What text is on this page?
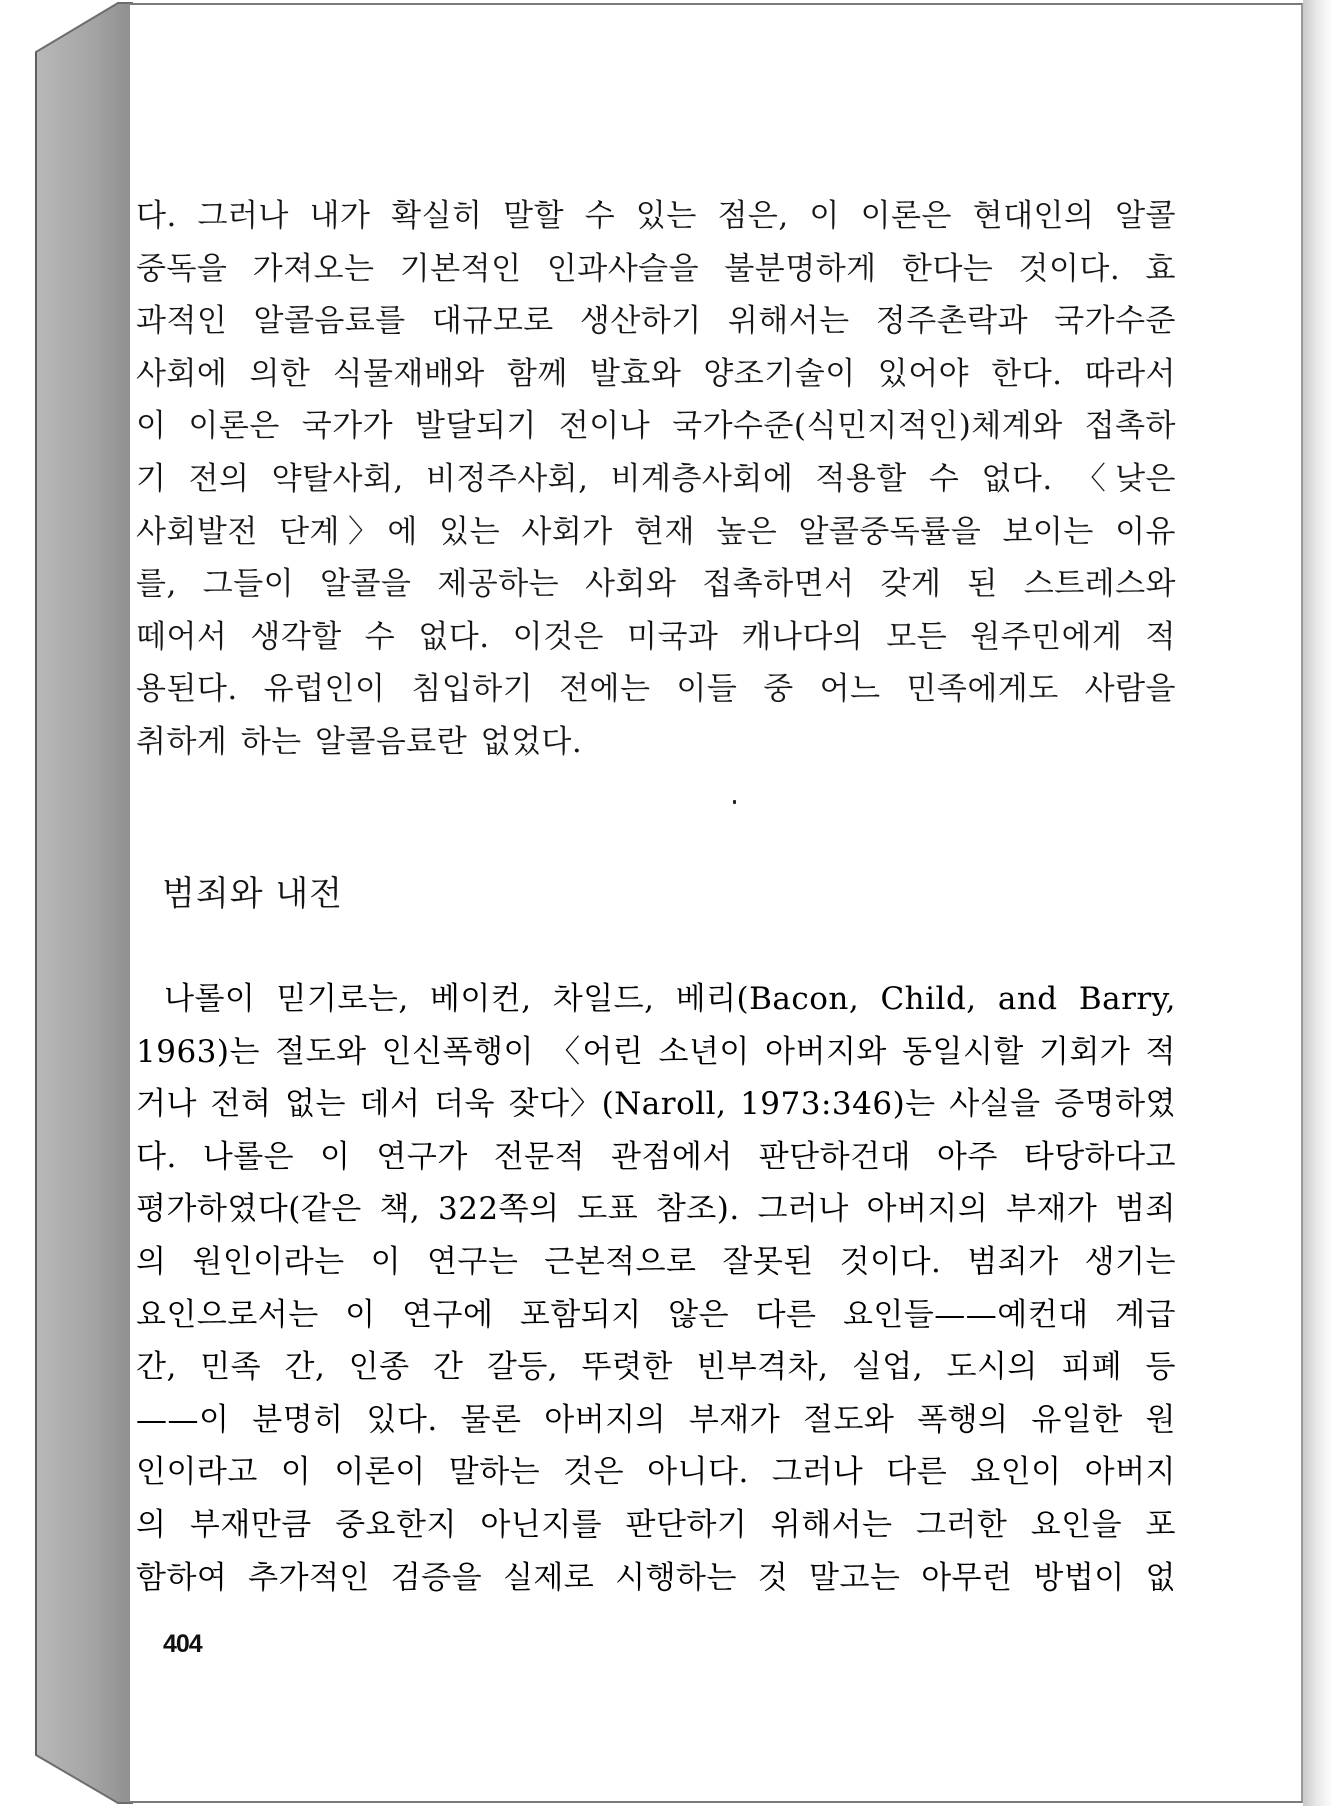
다. 그러나 내가 확실히 말할 수 있는 점은, 이 이론은 현대인의 알콜
중독을 가져오는 기본적인 인과사슬을 불분명하게 한다는 것이다. 효
과적인 알콜음료를 대규모로 생산하기 위해서는 정주촌락과 국가수준
사회에 의한 식물재배와 함께 발효와 양조기술이 있어야 한다. 따라서
이 이론은 국가가 발달되기 전이나 국가수준(식민지적인)체계와 접촉하
기 전의 약탈사회, 비정주사회, 비계층사회에 적용할 수 없다. 〈낮은
사회발전 단계〉에 있는 사회가 현재 높은 알콜중독률을 보이는 이유
를, 그들이 알콜을 제공하는 사회와 접촉하면서 갖게 된 스트레스와
떼어서 생각할 수 없다. 이것은 미국과 캐나다의 모든 원주민에게 적
용된다. 유럽인이 침입하기 전에는 이들 중 어느 민족에게도 사람을
취하게 하는 알콜음료란 없었다.

범죄와 내전

나롤이 믿기로는, 베이컨, 차일드, 베리(Bacon, Child, and Barry,
1963)는 절도와 인신폭행이 〈어린 소년이 아버지와 동일시할 기회가 적
거나 전혀 없는 데서 더욱 잦다〉(Naroll, 1973:346)는 사실을 증명하였
다. 나롤은 이 연구가 전문적 관점에서 판단하건대 아주 타당하다고
평가하였다(같은 책, 322쪽의 도표 참조). 그러나 아버지의 부재가 범죄
의 원인이라는 이 연구는 근본적으로 잘못된 것이다. 범죄가 생기는
요인으로서는 이 연구에 포함되지 않은 다른 요인들——예컨대 계급
간, 민족 간, 인종 간 갈등, 뚜렷한 빈부격차, 실업, 도시의 피폐 등
——이 분명히 있다. 물론 아버지의 부재가 절도와 폭행의 유일한 원
인이라고 이 이론이 말하는 것은 아니다. 그러나 다른 요인이 아버지
의 부재만큼 중요한지 아닌지를 판단하기 위해서는 그러한 요인을 포
함하여 추가적인 검증을 실제로 시행하는 것 말고는 아무런 방법이 없

404
